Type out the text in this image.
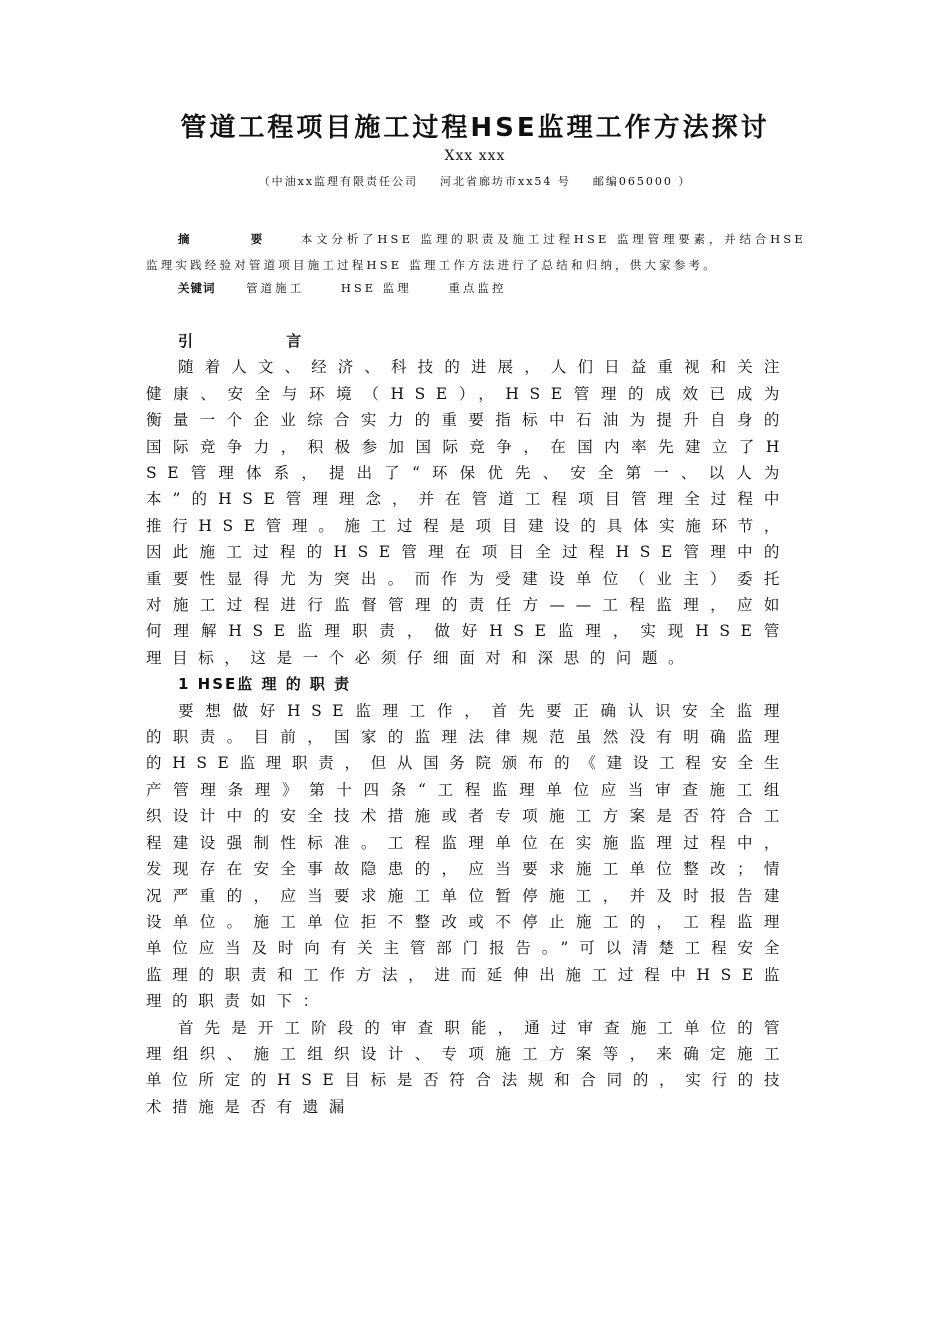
管道工程项目施工过程HSE监理工作方法探讨
Xxx xxx
（中油xx监理有限责任公司    河北省廊坊市xx54 号    邮编065000 ）
摘 要 本文分析了HSE 监理的职责及施工过程HSE 监理管理要素，并结合HSE 监理实践经验对管道项目施工过程HSE 监理工作方法进行了总结和归纳，供大家参考。
关键词	管道施工	HSE 监理	重点监控
引 言
随着人文、经济、科技的进展，人们日益重视和关注健康、安全与环境（HSE），HSE管理的成效已成为衡量一个企业综合实力的重要指标中石油为提升自身的国际竞争力，积极参加国际竞争，在国内率先建立了HSE管理体系，提出了“环保优先、安全第一、以人为本”的HSE管理理念，并在管道工程项目管理全过程中推行HSE管理。施工过程是项目建设的具体实施环节，因此施工过程的HSE管理在项目全过程HSE管理中的重要性显得尤为突出。而作为受建设单位（业主）委托对施工过程进行监督管理的责任方——工程监理，应如何理解HSE监理职责，做好HSE监理，实现HSE管理目标，这是一个必须仔细面对和深思的问题。
1 HSE监 理 的 职 责
要想做好HSE监理工作，首先要正确认识安全监理的职责。目前，国家的监理法律规范虽然没有明确监理的HSE监理职责，但从国务院颁布的《建设工程安全生产管理条理》第十四条“工程监理单位应当审查施工组织设计中的安全技术措施或者专项施工方案是否符合工程建设强制性标准。工程监理单位在实施监理过程中，发现存在安全事故隐患的，应当要求施工单位整改；情况严重的，应当要求施工单位暂停施工，并及时报告建设单位。施工单位拒不整改或不停止施工的，工程监理单位应当及时向有关主管部门报告。”可以清楚工程安全监理的职责和工作方法，进而延伸出施工过程中HSE监理的职责如下：
首先是开工阶段的审查职能，通过审查施工单位的管理组织、施工组织设计、专项施工方案等，来确定施工单位所定的HSE目标是否符合法规和合同的，实行的技术措施是否有遗漏
